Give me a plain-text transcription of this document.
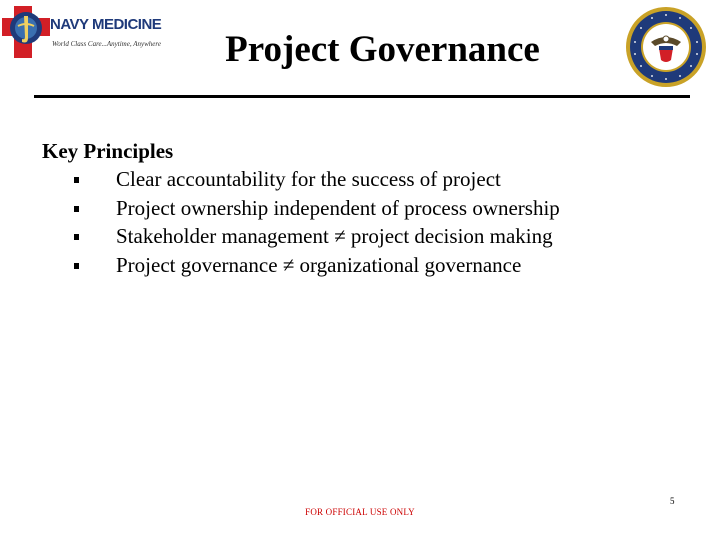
NAVY MEDICINE
World Class Care...Anytime, Anywhere	Project Governance
Key Principles
Clear accountability for the success of project
Project ownership independent of process ownership
Stakeholder management ≠ project decision making
Project governance ≠ organizational governance
FOR OFFICIAL USE ONLY
5
